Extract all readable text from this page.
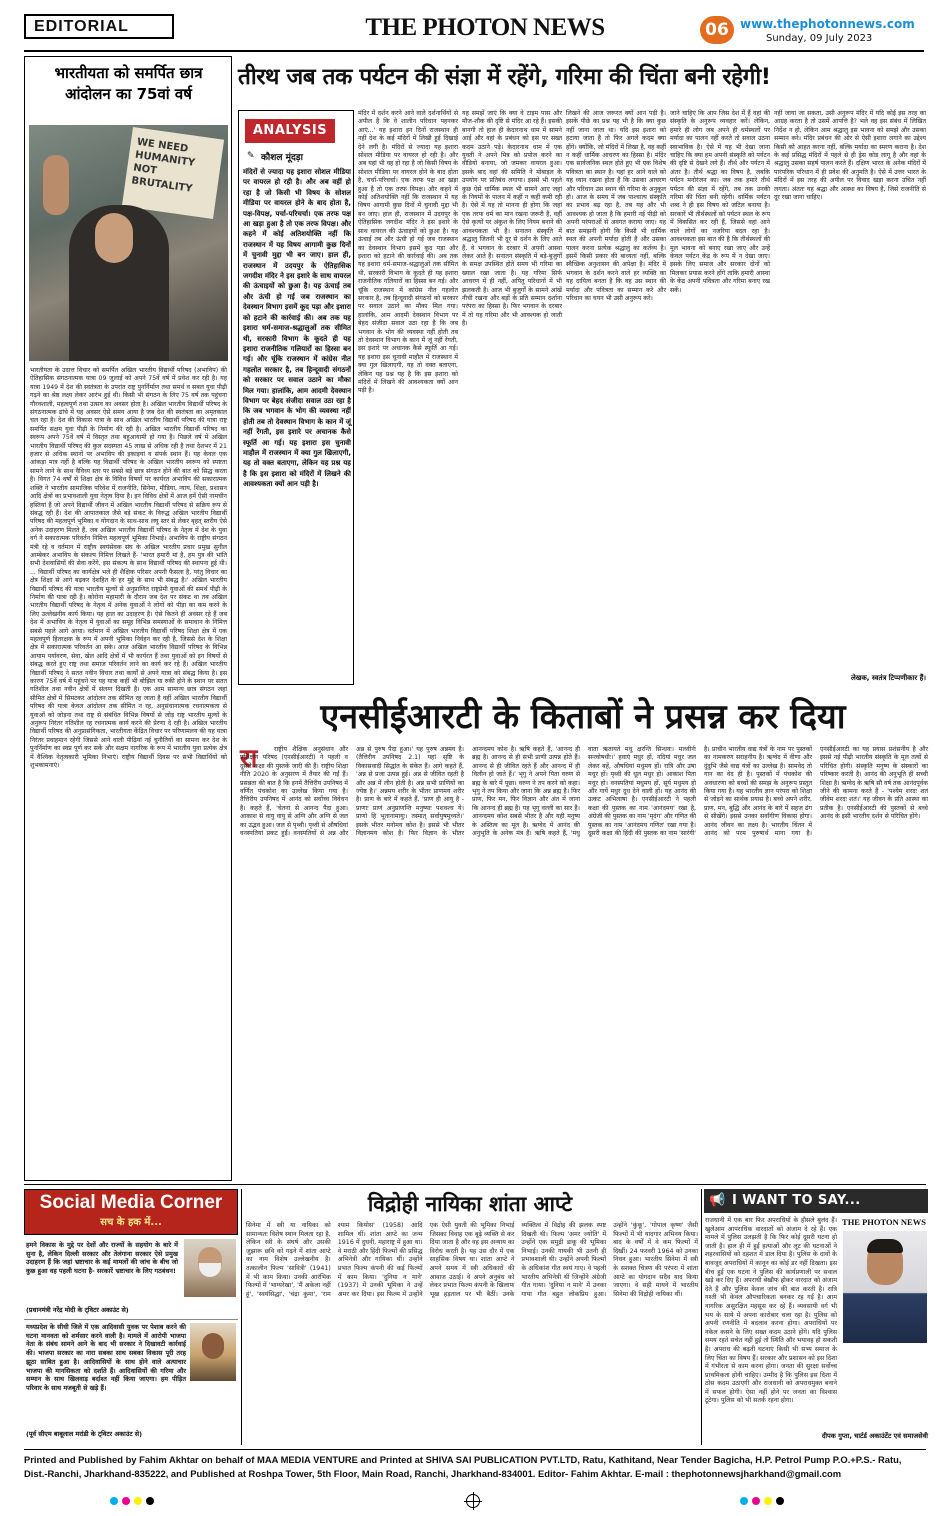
EDITORIAL	THE PHOTON NEWS	06 www.thephotonnews.com
Sunday, 09 July 2023
भारतीयता को समर्पित छात्र आंदोलन का 75वां वर्ष
WE NEED HUMANITY NOT BRUTALITY
भारतीयता के उदात्त विचार को समर्पित अखिल भारतीय विद्यार्थी परिषद (अभाविप) की ऐतिहासिक संगठनात्मक यात्रा 09 जुलाई को अपने 75वें वर्ष में प्रवेश कर रही है। यह यात्रा 1949 में देश की स्वतंत्रता के उपरांत राष्ट्र पुनर्निर्माण तथा समर्थ व सबल युवा पीढ़ी गढ़ने का श्रेष्ठ लक्ष्य लेकर आरंभ हुई थी। किसी भी संगठन के लिए 75 वर्ष तक पहुंचना गौरवशाली, महत्वपूर्ण तथा उत्सव का अवसर होता है। अखिल भारतीय विद्यार्थी परिषद के संगठनात्मक ढांचे में यह अवसर ऐसे समय आया है जब देश की स्वतंत्रता का अमृतकाल चल रहा है। देश की विकास यात्रा के साथ अखिल भारतीय विद्यार्थी परिषद की यात्रा राष्ट्र समर्पित सक्षम युवा पीढ़ी के निर्माण की रही है। अखिल भारतीय विद्यार्थी परिषद का स्वरूप अपने 75वें वर्ष में विस्तृत तथा बहुआयामी हो गया है। पिछले वर्ष में अखिल भारतीय विद्यार्थी परिषद की कुल सदस्यता 45 लाख से अधिक रही है तथा देशभर में 21 हजार से अधिक स्थानों पर अभाविप की इकाइयां व संपर्क स्थान हैं। यह केवल एक आंकड़ा मात्र नहीं है बल्कि यह विद्यार्थी परिषद के अखिल भारतीय स्वरूप को स्पष्टता सामने लाने के साथ वैविध्य स्तर पर सबसे बड़े छात्र संगठन होने की बात को सिद्ध करता है। विगत 74 वर्षों से शिक्षा क्षेत्र के विविध विषयों पर कार्यरत अभाविप की सकारात्मक शक्ति ने भारतीय सामाजिक परिवेश में राजनीति, सिनेमा, मीडिया, न्याय, शिक्षा, प्रशासन आदि क्षेत्रों का प्रभावशाली युवा नेतृत्व दिया है। इन विविध क्षेत्रों में आज हमें ऐसी नामचीन हस्तियां हैं जो अपने विद्यार्थी जीवन में अखिल भारतीय विद्यार्थी परिषद से सक्रिय रूप से संबद्ध रही हैं। देश की आपातकाल जैसे बड़े संकट के विरुद्ध अखिल भारतीय विद्यार्थी परिषद की महत्वपूर्ण भूमिका व योगदान के साथ-साथ लघु स्तर से लेकर बृहत् स्तरीय ऐसे अनेक उदाहरण मिलते हैं, जब अखिल भारतीय विद्यार्थी परिषद के नेतृत्व में देश के युवा वर्ग ने सकारात्मक परिवर्तन निमित्त महत्वपूर्ण भूमिका निभाई। अभाविप के राष्ट्रीय संगठन मंत्री रहे व वर्तमान में राष्ट्रीय स्वयंसेवक संघ के अखिल भारतीय प्रचार प्रमुख सुनील आम्बेकर अभाविप के संकल्प निमित्त लिखते हैं- 'भारत हमारी मां है, हम पुत्र की भांति सभी देशवासियों की सेवा करेंगे, इस संकल्प के साथ विद्यार्थी परिषद की स्थापना हुई थी। ... विद्यार्थी परिषद का कार्यक्षेत्र भले ही शैक्षिक परिसर अपनी फैसला है, परंतु विचार का क्षेत्र शिक्षा से आगे बढ़कर देशहित के हर मुद्दे के साथ भी संबद्ध है।' अखिल भारतीय विद्यार्थी परिषद की यात्रा भारतीय मूल्यों से अनुप्राणित राष्ट्रप्रेमी युवाओं की समर्थ पीढ़ी के निर्माण की यात्रा रही है। कोरोना महामारी के दौरान जब देश पर संकट था तब अखिल भारतीय विद्यार्थी परिषद के नेतृत्व में अनेक युवाओं ने लोगों को पीड़ा का कम करने के लिए उल्लेखनीय कार्य किया। यह हाल का उदाहरण है। ऐसे कितने ही अवसर रहे हैं जब देश में अभाविप के नेतृत्व में युवाओं का समूह विभिन्न समस्याओं के समाधान के निमित्त सबसे पहले आगे आया। वर्तमान में अखिल भारतीय विद्यार्थी परिषद शिक्षा क्षेत्र में एक महत्वपूर्ण हितरक्षक के रूप में अपनी भूमिका निर्वहन कर रही है, जिससे देश के शिक्षा क्षेत्र में सकारात्मक परिवर्तन आ सके। आज अखिल भारतीय विद्यार्थी परिषद के विभिन्न आयाम पर्यावरण, सेवा, खेल आदि क्षेत्रों में भी कार्यरत हैं तथा युवाओं को इन विषयों से संबद्ध करते हुए राष्ट्र तथा समाज परिवर्तन लाने का कार्य कर रहे हैं। अखिल भारतीय विद्यार्थी परिषद ने सतत नवीन विचार तथा कार्यों से अपने यात्रा को संबद्ध किया है। इस कारण 75वें वर्ष में पहुंचने पर यह यात्रा कहीं भी बोझिल या रुकी होने के स्थान पर सतत गतिशील तथा नवीन क्षेत्रों में संलग्न दिखती है। एक आम सामान्य छात्र संगठन जहां सीमित क्षेत्रों में सिमटकर आंदोलन तक सीमित रह जाता है वहीं अखिल भारतीय विद्यार्थी परिषद की यात्रा केवल आंदोलन तक सीमित न रह, अनुसंधानात्मक रचनात्मकता से युवाओं को जोड़ना तथा राष्ट्र से संबंधित विभिन्न विषयों से जोड़ राष्ट्र भारतीय मूल्यों के अनुरूप निरंतर गतिशील रह रचनात्मक कार्य करने की प्रेरणा दे रही है। अखिल भारतीय विद्यार्थी परिषद की अनुप्रासंगिकता, भारतीयता केंद्रित विचार पर परिणामलय की यह यात्रा निरंतर प्रवाहमान रहेगी जिससे आने वाली पीढ़ियां नई चुनौतियों का सामना कर देश के पुनर्निर्माण का स्वप्न पूर्ण कर सकें और सक्षम नागरिक के रूप में भारतीय युवा प्रत्येक क्षेत्र में वैश्विक नेतृत्वकारी भूमिका निभाएं। राष्ट्रीय विद्यार्थी दिवस पर सभी विद्यार्थियों को शुभकामनाएं।
तीरथ जब तक पर्यटन की संज्ञा में रहेंगे, गरिमा की चिंता बनी रहेगी!
ANALYSIS
✎ कौशल मूंदड़ा
मंदिरों से ज्यादा यह इशारा सोशल मीडिया पर वायरल हो रही है। और अब वहीं हो रहा है जो किसी भी विषय के सोशल मीडिया पर वायरल होने के बाद होता है, पक्ष-विपक्ष, पर्चा-परिचर्चा। एक तरफ पक्ष आ खड़ा हुआ है तो एक तरफ विपक्ष। और कहने में कोई अतिशयोक्ति नहीं कि राजस्थान में यह विषय आगामी कुछ दिनों में चुनावी मुद्दा भी बन जाए। हाल ही, राजस्थान में उदयपुर के ऐतिहासिक जगदीश मंदिर ने इस इशारे के साथ वायरल की ऊंचाइयों को छुआ है। यह ऊंचाई तब और ऊंची हो गई जब राजस्थान का देवस्थान विभाग इसमें कूद पड़ा और इशारा को हटाने की कार्रवाई की। अब तक यह इशारा धर्म-समाज-श्रद्धालुओं तक सीमित थी, सरकारी विभाग के कूदते ही यह इशारा राजनीतिक गलियारों का हिस्सा बन गई। और चूंकि राजस्थान में कांग्रेस नीत गहलोत सरकार है, तब हिन्दूवादी संगठनों को सरकार पर सवाल उठाने का मौका मिल गया। हालांकि, आम आदमी देवस्थान विभाग पर बेहद संजीदा सवाल उठा रहा है कि जब भगवान के भोग की व्यवस्था नहीं होती तब तो देवस्थान विभाग के कान में जूं नहीं रेंगती, इस इशारे पर अचानक कैसे स्फूर्ति आ गई। यह इशारा इस चुनावी माहौल में राजस्थान में क्या गुल खिलाएगी, यह तो वक्त बताएगा, लेकिन यह प्रश्न यह है कि इस इशारा को मंदिरों में लिखने की आवश्यकता क्यों आन पड़ी है।
मंदिर में दर्शन करने आने वाले दर्शनार्थियों से अपील है कि वे शालीन परिधान पहनकर आएं...' यह इशारा इन दिनों राजस्थान ही नहीं देश के कई मंदिरों में लिखी हुई दिखाई देने लगी है। मंदिरों से ज्यादा यह इशारा सोशल मीडिया पर वायरल हो रही है। और अब यहां भी वह हो रहा है जो किसी विषय के सोशल मीडिया पर वायरल होने के बाद होता है, चर्चा-परिचर्चा। एक तरफ पक्ष आ खड़ा हुआ है तो एक तरफ विपक्ष। और कहने में कोई अतिशयोक्ति नहीं कि राजस्थान में यह विषय आगामी कुछ दिनों में चुनावी मुद्दा भी बन जाए। हाल ही, राजस्थान में उदयपुर के ऐतिहासिक जगदीश मंदिर ने इस इशारे के साथ वायरल की ऊंचाइयों को छुआ है। यह ऊंचाई तब और ऊंची हो गई जब राजस्थान का देवस्थान विभाग इसमें कूद पड़ा और इशारा को हटाने की कार्रवाई की। अब तक यह इशारा धर्म-समाज-श्रद्धालुओं तक सीमित थी, सरकारी विभाग के कूदते ही यह इशारा राजनीतिक गलियारों का हिस्सा बन गई। और चूंकि राजस्थान में कांग्रेस नीत गहलोत सरकार है, तब हिन्दूवादी संगठनों को सरकार पर सवाल उठाने का मौका मिल गया। हालांकि, आम आदमी देवस्थान विभाग पर बेहद संजीदा सवाल उठा रहा है कि जब भगवान के भोग की व्यवस्था नहीं होती तब तो देवस्थान विभाग के कान में जूं नहीं रेंगती, इस इशारे पर अचानक कैसे स्फूर्ति आ गई। यह इशारा इस चुनावी माहौल में राजस्थान में क्या गुल खिलाएगी, यह तो वक्त बताएगा, लेकिन यह प्रश्न यह है कि इस इशारा को मंदिरों में लिखने की आवश्यकता क्यों आन पड़ी है।
यह समझें जाएं कि क्या वे टाइम पास और मौज-शौक की दृष्टि से मंदिर आ रहे हैं। इसकी बानगी तो हाल ही केदारनाथ धाम में सामने आई और वहां के प्रबंधन को इस पर सख्त कदम उठाने पड़े। केदारनाथ धाम में एक युवती ने अपने मित्र को प्रपोज करने का वीडियो बनाया, जो जमकर वायरल हुआ। इसके बाद वहां की समिति ने मोबाइल के उपयोग पर प्रतिबंध लगाया। इससे भी पहले कुछ ऐसे धार्मिक स्थल भी सामने आए जहां के नियमों के पालन में कहीं न कहीं कमी रही है। ऐसे में यह तो मानना ही होगा कि जहां एक तरफ धर्म का मान रखना जरूरी है, वहीं ऐसे कृत्यों पर अंकुश के लिए नियम बनाने की आवश्यकता भी है। सनातन संस्कृति में श्रद्धालु जितनी भी दूर से दर्शन के लिए आते हैं, वे भगवान के दरबार में अपनी आस्था लेकर आते हैं। सनातन संस्कृति में बड़े-बुजुर्गों के समक्ष उपस्थित होते समय भी गरिमा का ख्याल रखा जाता है। यह गरिमा सिर्फ आचरण में ही नहीं, अपितु परिधानों में भी झलकती है। आज भी बुजुर्गों के सामने आंखें नीची रखना और बड़ों के प्रति सम्मान दर्शाना परंपरा का हिस्सा है। फिर भगवान के दरबार में तो यह गरिमा और भी आवश्यक हो जाती है।
लिखने की आज जरूरत क्यों आन पड़ी है। इसके पीछे का प्रश्न यह भी है कि क्या कुछ नहीं जाना जाता था। यदि इस इशारा को हटाया जाता है तो फिर अगले कदम क्या होंगे। क्योंकि, जो मंदिरों में लिखा है, वह कहीं न कहीं धार्मिक आचरण का हिस्सा है। मंदिर एक सार्वजनिक स्थल होते हुए भी एक विशेष पवित्रता का स्थान है। यहां हर आने वाले को यह ध्यान रखना होता है कि उसका आचरण और परिधान उस स्थान की गरिमा के अनुकूल हो। आज के समय में जब पाश्चात्य संस्कृति का प्रभाव बढ़ रहा है, तब यह और भी आवश्यक हो जाता है कि हमारी नई पीढ़ी को अपनी परंपराओं से अवगत कराया जाए। यह बात समझनी होगी कि किसी भी धार्मिक स्थल की अपनी मर्यादा होती है और उसका पालन करना प्रत्येक श्रद्धालु का कर्तव्य है। इसमें किसी प्रकार की बाध्यता नहीं, बल्कि स्वैच्छिक अनुशासन की अपेक्षा है। मंदिर में भगवान के दर्शन करने वाले हर व्यक्ति का यह दायित्व बनता है कि वह उस स्थान की मर्यादा और पवित्रता का सम्मान करे और परिधान का चयन भी उसी अनुरूप करे।
जाने चाहिए कि आप जिस देश में हैं वहां की संस्कृति के अनुरूप व्यवहार करें। लेकिन, हमारे ही लोग जब अपने ही धर्मस्थलों पर मर्यादा का पालन नहीं करते तो सवाल उठना स्वाभाविक है। ऐसे में यह भी देखा जाना चाहिए कि क्या हम अपनी संस्कृति को पर्यटन की दृष्टि से देखने लगे हैं। तीर्थ और पर्यटन में अंतर है। तीर्थ श्रद्धा का विषय है, जबकि पर्यटन मनोरंजन का। जब तक हमारे तीर्थ पर्यटन की संज्ञा में रहेंगे, तब तक उनकी गरिमा की चिंता बनी रहेगी। धार्मिक पर्यटन शब्द ने ही इस विषय को जटिल बनाया है। सरकारें भी तीर्थस्थलों को पर्यटन स्थल के रूप में विकसित कर रही हैं, जिससे वहां आने वाले लोगों का नजरिया बदल रहा है। आवश्यकता इस बात की है कि तीर्थस्थलों की मूल भावना को बनाए रखा जाए और उन्हें केवल पर्यटन केंद्र के रूप में न देखा जाए। इसके लिए समाज और सरकार दोनों को मिलकर प्रयास करने होंगे ताकि हमारी आस्था के केंद्र अपनी पवित्रता और गरिमा बनाए रख सकें।
नहीं जाया जा सकता, उसी अनुरूप मंदिर में यदि कोई इस तरह का आग्रह करता है तो उसमें आपत्ति है? भले वह इस संबंध में लिखित निर्देश न हो, लेकिन आम श्रद्धालु इस भावना को समझे और उसका सम्मान करे। मंदिर प्रबंधन की ओर से ऐसी इशारा लगाने का उद्देश्य किसी को आहत करना नहीं, बल्कि मर्यादा का स्मरण कराना है। देश के कई प्रसिद्ध मंदिरों में पहले से ही ड्रेस कोड लागू है और वहां के श्रद्धालु उसका सहर्ष पालन करते हैं। दक्षिण भारत के अनेक मंदिरों में पारंपरिक परिधान में ही प्रवेश की अनुमति है। ऐसे में उत्तर भारत के मंदिरों में इस तरह की अपील पर विवाद खड़ा करना उचित नहीं लगता। अंततः यह श्रद्धा और आस्था का विषय है, जिसे राजनीति से दूर रखा जाना चाहिए।
लेखक, स्वतंत्र टिप्पणीकार हैं।
एनसीईआरटी के किताबों ने प्रसन्न कर दिया
रा	राष्ट्रीय शैक्षिक अनुसंधान और प्रशिक्षण परिषद (एनसीईआरटी) ने पहली व दूसरी कक्षा की पुस्तकें जारी की हैं। राष्ट्रीय शिक्षा नीति 2020 के अनुसरण में तैयार की गईं हैं। प्रसन्नता की बात है कि इनमें तैत्तिरीय उपनिषद में वर्णित पंचकोश का उल्लेख किया गया है। तैत्तिरीय उपनिषद में आनंद को सर्वोच्च विवेचन है। कहते हैं, 'चेतना से आनन्द पैदा हुआ। आकाश से वायु वायु से अग्नि और अग्नि से जल का उद्भव हुआ। जल से पृथ्वी। पृथ्वी से औषधियां वनस्पतियां प्रकट हुईं। वनस्पतियों से अन्न और अन्न से पुरुष पैदा हुआ।' यह पुरुष अन्नमय है। (तैत्तिरीय उपनिषद 2.1) यहां सृष्टि के विकासवादी सिद्धांत के संकेत हैं। आगे कहते हैं, 'अन्न से प्रजा उत्पन्न हुई। अन्न से जीवित रहती है और अन्न में लीन होती है। अन्न सभी प्राणियों का ज्येष्ठ है।' अन्नमय शरीर के भीतर प्राणमय शरीर है। प्राण के बारे में कहते हैं, 'प्राण ही आयु है - प्राणाः प्राणं अनुप्राणन्ति मनुष्याः पशवश्च ये। प्राणो हि भूतानामायुः। तस्मात् सर्वायुषमुच्यते।' इसके भीतर मनोमय कोश है। इससे भी भीतर विज्ञानमय कोश है। फिर विज्ञान के भीतर आनन्दमय कोश है। ऋषि कहते हैं, 'आनन्द ही ब्रह्म है। आनन्द से ही सभी प्राणी उत्पन्न होते हैं। आनन्द से ही जीवित रहते हैं और आनन्द में ही विलीन हो जाते हैं।' भृगु ने अपने पिता वरुण से ब्रह्म के बारे में पूछा। वरुण ने तप करने को कहा। भृगु ने तप किया और जाना कि अन्न ब्रह्म है। फिर प्राण, फिर मन, फिर विज्ञान और अंत में जाना कि आनन्द ही ब्रह्म है। यह भृगु वल्ली का सार है। आनन्दमय कोश सबसे भीतर है और यही मनुष्य के अस्तित्व का मूल है। ऋग्वेद में आनंद की अनुभूति के अनेक मंत्र हैं। ऋषि कहते हैं, 'मधु वाता ऋतायते मधु क्षरन्ति सिन्धवः। माध्वीर्नः सन्त्वोषधीः।' हवाएं मधुर हों, नदियां मधुर जल लेकर बहें, औषधियां मधुमय हों। रात्रि और उषा मधुर हों। पृथ्वी की धूल मधुर हो। आकाश पिता मधुर हो। वनस्पतियां मधुमय हों, सूर्य मधुमय हो और गायें मधुर दूध देने वाली हों। यह आनंद की उत्कट अभिलाषा है। एनसीईआरटी ने पहली कक्षा की पुस्तक का नाम 'आनंदमय' रखा है, अंग्रेजी की पुस्तक का नाम 'मृदंग' और गणित की पुस्तक का नाम 'आनंदमय गणित' रखा गया है। दूसरी कक्षा की हिंदी की पुस्तक का नाम 'सारंगी' है। प्राचीन भारतीय वाद्य यंत्रों के नाम पर पुस्तकों का नामकरण सराहनीय है। ऋग्वेद में वीणा और दुंदुभि जैसे वाद्य यंत्रों का उल्लेख है। सामवेद तो गान का वेद ही है। पुस्तकों में पंचकोश की अवधारणा को बच्चों की समझ के अनुरूप प्रस्तुत किया गया है। यह भारतीय ज्ञान परंपरा को शिक्षा से जोड़ने का सार्थक प्रयास है। बच्चे अपने शरीर, प्राण, मन, बुद्धि और आनंद के बारे में सहज ढंग से सीखेंगे। इससे उनका सर्वांगीण विकास होगा। आनंद जीवन का लक्ष्य है। भारतीय चिंतन में आनंद को परम पुरुषार्थ माना गया है। एनसीईआरटी का यह प्रयास प्रशंसनीय है और इससे नई पीढ़ी भारतीय संस्कृति के मूल तत्वों से परिचित होगी। संस्कृति मनुष्य के संस्कारों का परिष्कार करती है। आनंद की अनुभूति ही सच्ची शिक्षा है। ऋग्वेद के ऋषि सौ वर्ष तक आनंदपूर्वक जीने की कामना करते हैं - 'पश्येम शरदः शतं जीवेम शरदः शतं।' यह जीवन के प्रति आस्था का प्रतीक है। एनसीईआरटी की पुस्तकों से बच्चे आनंद के इसी भारतीय दर्शन से परिचित होंगे।
Social Media Corner
सच के हक में...
हमने विकास के मुद्दे पर देशों और राज्यों के सहयोग के बारे में सुना है, लेकिन दिल्ली सरकार और तेलंगाना सरकार ऐसे प्रमुख उदाहरण हैं कि जहां भ्रष्टाचार के कई मामलों की जांच के बीच जो कुछ हुआ वह पहली घटना है- सरकारें भ्रष्टाचार के लिए गठबंधन!
(प्रधानमंत्री नरेंद्र मोदी के ट्विटर अकाउंट से)
मध्यप्रदेश के सीधी जिले में एक आदिवासी युवक पर पेशाब करने की घटना मानवता को शर्मसार करने वाली है। मामले में आरोपी भाजपा नेता के संबंध सामने आने के बाद भी सरकार ने दिखावटी कार्रवाई की। भाजपा सरकार का नारा सबका साथ सबका विकास पूरी तरह झूठा साबित हुआ है। आदिवासियों के साथ होने वाले अत्याचार भाजपा की मानसिकता को दर्शाते हैं। आदिवासियों की गरिमा और सम्मान के साथ खिलवाड़ बर्दाश्त नहीं किया जाएगा। हम पीड़ित परिवार के साथ मजबूती से खड़े हैं।
(पूर्व सीएम बाबूलाल मरांडी के ट्विटर अकाउंट से)
विद्रोही नायिका शांता आप्टे
सिनेमा में स्त्री या नायिका को सामान्यतः विशेष स्थान मिलता रहा है, लेकिन स्त्री के संघर्ष और उसकी जुझारू छवि को गढ़ने में शांता आप्टे का नाम विशेष उल्लेखनीय है। तत्कालीन फिल्म 'सावित्री' (1941) में भी काम किया। उनकी आरंभिक फिल्मों में 'भाग्यरेखा', 'मैं अकेला नहीं हूं', 'स्वयंसिद्धा', 'चंद्रा कुमा', 'राम श्याम कियोस' (1958) आदि शामिल थीं। शांता आप्टे का जन्म 1916 में दुधनी, महाराष्ट्र में हुआ था। वे मराठी और हिंदी फिल्मों की प्रसिद्ध अभिनेत्री और गायिका थीं। उन्होंने प्रभात फिल्म कंपनी की कई फिल्मों में काम किया। 'दुनिया न माने' (1937) में उनकी भूमिका ने उन्हें अमर कर दिया। इस फिल्म में उन्होंने एक ऐसी युवती की भूमिका निभाई जिसका विवाह एक बूढ़े व्यक्ति से कर दिया जाता है और वह इस अन्याय का विरोध करती है। यह उस दौर में एक साहसिक विषय था। शांता आप्टे ने अपने समय में स्त्री अधिकारों की आवाज उठाई। वे अपने अनुबंध को लेकर प्रभात फिल्म कंपनी के खिलाफ भूख हड़ताल पर भी बैठीं। उनके व्यक्तित्व में विद्रोह की झलक स्पष्ट दिखती थी। फिल्म 'अमर ज्योति' में उन्होंने एक समुद्री डाकू की भूमिका निभाई। उनकी गायकी भी उतनी ही प्रभावशाली थी। उन्होंने अपनी फिल्मों के अधिकांश गीत स्वयं गाए। वे पहली भारतीय अभिनेत्री थीं जिन्होंने अंग्रेजी गीत गाया। 'दुनिया न माने' में उनका गाया गीत बहुत लोकप्रिय हुआ। उन्होंने 'कुंकू', 'गोपाल कृष्ण' जैसी फिल्मों में भी यादगार अभिनय किया। बाद के वर्षों में वे कम फिल्मों में दिखीं। 24 फरवरी 1964 को उनका निधन हुआ। भारतीय सिनेमा में स्त्री के सशक्त चित्रण की परंपरा में शांता आप्टे का योगदान सदैव याद किया जाएगा। वे सही मायने में भारतीय सिनेमा की विद्रोही नायिका थीं।
📢 I WANT TO SAY...
राजधानी में एक बार फिर अपराधियों के हौसले बुलंद हैं। खुलेआम आपराधिक वारदातों को अंजाम दे रहे हैं। एक मामले में पुलिस उलझती है कि फिर कोई दूसरी घटना हो जाती है। हाल ही में हुई हत्याओं और लूट की घटनाओं ने शहरवासियों को दहशत में डाल दिया है। पुलिस के दावों के बावजूद अपराधियों में कानून का कोई डर नहीं दिखता। इस बीच हुई एक घटना ने पुलिस की कार्यप्रणाली पर सवाल खड़े कर दिए हैं। अपराधी बेखौफ होकर वारदात को अंजाम देते हैं और पुलिस केवल जांच की बात करती है। रात्रि गश्ती भी केवल औपचारिकता बनकर रह गई है। आम नागरिक असुरक्षित महसूस कर रहे हैं। व्यवसायी वर्ग भी भय के साये में अपना कारोबार चला रहा है। पुलिस को अपनी रणनीति में बदलाव करना होगा। अपराधियों पर नकेल कसने के लिए सख्त कदम उठाने होंगे। यदि पुलिस समय रहते सचेत नहीं हुई तो स्थिति और भयावह हो सकती है। अपराध की बढ़ती घटनाएं किसी भी सभ्य समाज के लिए चिंता का विषय हैं। सरकार और प्रशासन को इस दिशा में गंभीरता से काम करना होगा। जनता की सुरक्षा सर्वोच्च प्राथमिकता होनी चाहिए। उम्मीद है कि पुलिस इस दिशा में ठोस कदम उठाएगी और राजधानी को अपराधमुक्त बनाने में सफल होगी। ऐसा नहीं होने पर जनता का विश्वास टूटेगा। पुलिस को भी सतर्क रहना होगा।
THE PHOTON NEWS
दीपक गुप्ता, चार्टर्ड अकाउंटेंट एवं समाजसेवी
Printed and Published by Fahim Akhtar on behalf of MAA MEDIA VENTURE and Printed at SHIVA SAI PUBLICATION PVT.LTD, Ratu, Kathitand, Near Tender Bagicha, H.P. Petrol Pump P.O.+P.S.- Ratu,
Dist.-Ranchi, Jharkhand-835222, and Published at Roshpa Tower, 5th Floor, Main Road, Ranchi, Jharkhand-834001. Editor- Fahim Akhtar. E-mail : thephotonnewsjharkhand@gmail.com
